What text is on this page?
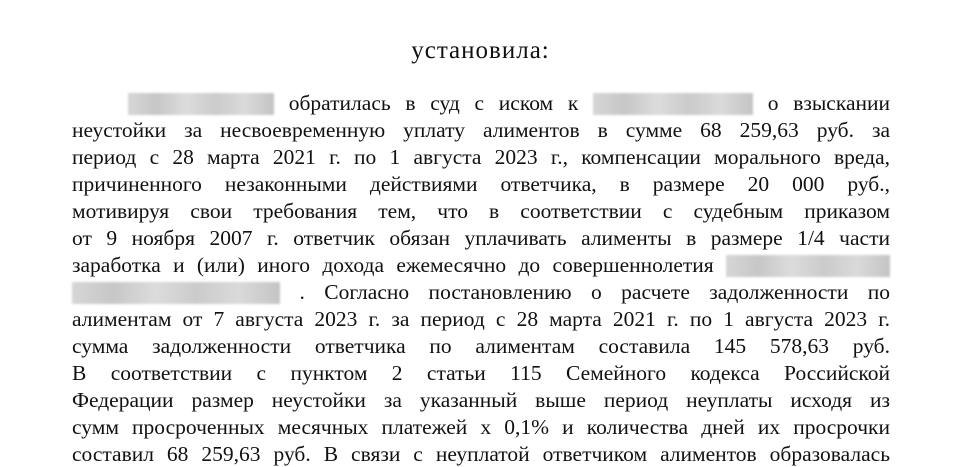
установила:
обратилась в суд с иском к	о взыскании
неустойки за несвоевременную уплату алиментов в сумме 68 259,63 руб. за
период с 28 марта 2021 г. по 1 августа 2023 г., компенсации морального вреда,
причиненного незаконными действиями ответчика, в размере 20 000 руб.,
мотивируя свои требования тем, что в соответствии с судебным приказом
от 9 ноября 2007 г. ответчик обязан уплачивать алименты в размере 1/4 части
заработка и (или) иного дохода ежемесячно до совершеннолетия
. Согласно постановлению о расчете задолженности по
алиментам от 7 августа 2023 г. за период с 28 марта 2021 г. по 1 августа 2023 г.
сумма задолженности ответчика по алиментам составила 145 578,63 руб.
В соответствии с пунктом 2 статьи 115 Семейного кодекса Российской
Федерации размер неустойки за указанный выше период неуплаты исходя из
сумм просроченных месячных платежей х 0,1% и количества дней их просрочки
составил 68 259,63 руб. В связи с неуплатой ответчиком алиментов образовалась
